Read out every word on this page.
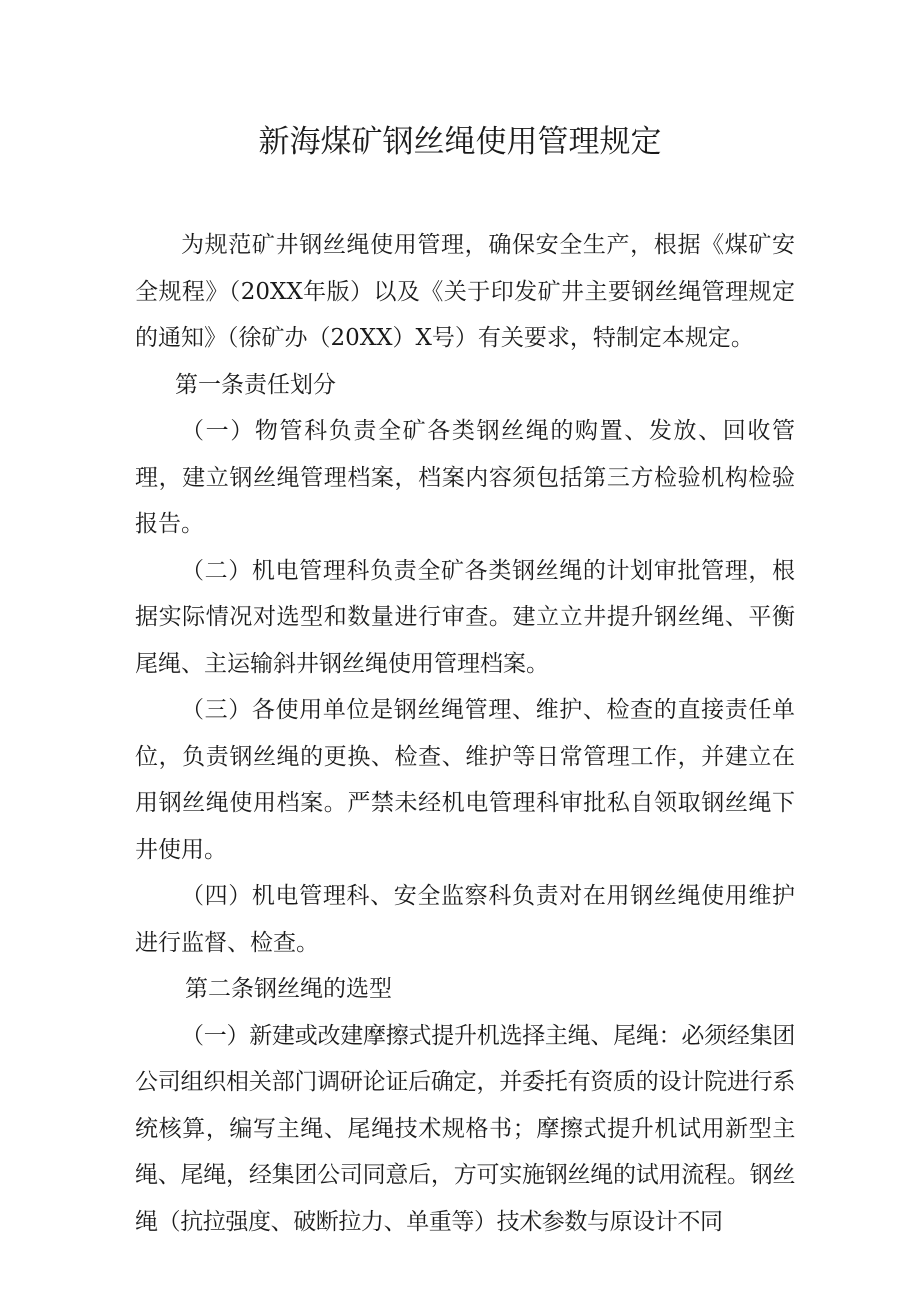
新海煤矿钢丝绳使用管理规定

为规范矿井钢丝绳使用管理，确保安全生产，根据《煤矿安全规程》（20XX年版）以及《关于印发矿井主要钢丝绳管理规定的通知》（徐矿办（20XX）X号）有关要求，特制定本规定。

第一条责任划分

（一）物管科负责全矿各类钢丝绳的购置、发放、回收管理，建立钢丝绳管理档案，档案内容须包括第三方检验机构检验报告。

（二）机电管理科负责全矿各类钢丝绳的计划审批管理，根据实际情况对选型和数量进行审查。建立立井提升钢丝绳、平衡尾绳、主运输斜井钢丝绳使用管理档案。

（三）各使用单位是钢丝绳管理、维护、检查的直接责任单位，负责钢丝绳的更换、检查、维护等日常管理工作，并建立在用钢丝绳使用档案。严禁未经机电管理科审批私自领取钢丝绳下井使用。

（四）机电管理科、安全监察科负责对在用钢丝绳使用维护进行监督、检查。

第二条钢丝绳的选型

（一）新建或改建摩擦式提升机选择主绳、尾绳：必须经集团公司组织相关部门调研论证后确定，并委托有资质的设计院进行系统核算，编写主绳、尾绳技术规格书；摩擦式提升机试用新型主绳、尾绳，经集团公司同意后，方可实施钢丝绳的试用流程。钢丝绳（抗拉强度、破断拉力、单重等）技术参数与原设计不同
